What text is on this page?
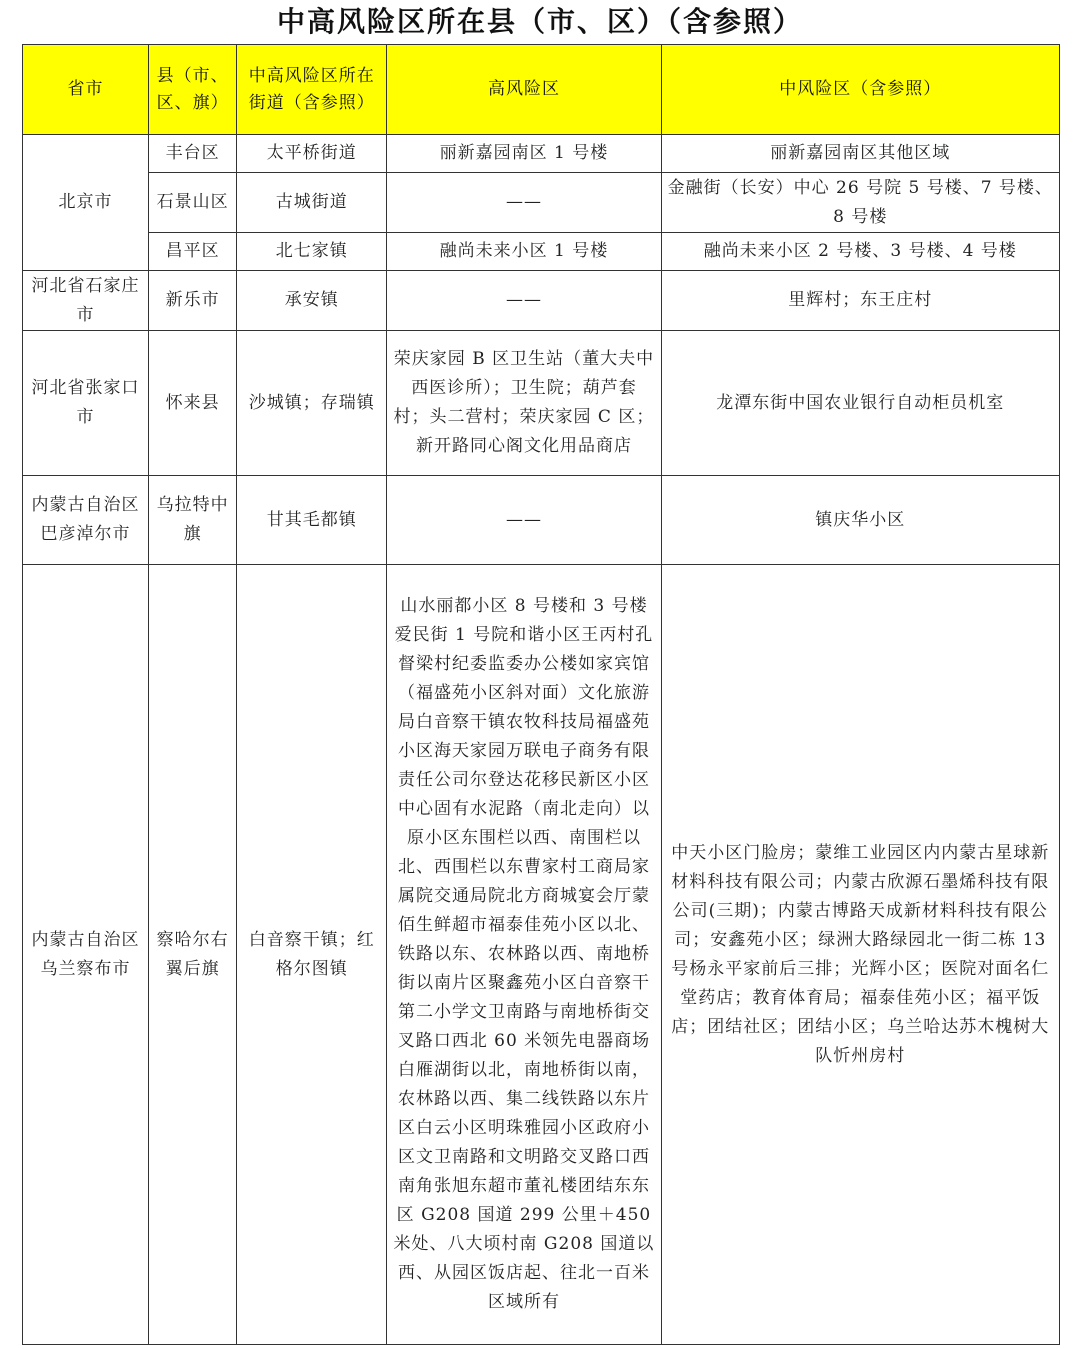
中高风险区所在县（市、区）（含参照）
省市	县（市、区、旗）	中高风险区所在街道（含参照）	高风险区	中风险区（含参照）
北京市	丰台区	太平桥街道	丽新嘉园南区 1 号楼	丽新嘉园南区其他区域
	石景山区	古城街道	——	金融街（长安）中心 26 号院 5 号楼、7 号楼、8 号楼
	昌平区	北七家镇	融尚未来小区 1 号楼	融尚未来小区 2 号楼、3 号楼、4 号楼
河北省石家庄市	新乐市	承安镇	——	里辉村；东王庄村
河北省张家口市	怀来县	沙城镇；存瑞镇	荣庆家园 B 区卫生站（董大夫中西医诊所）；卫生院；葫芦套村；头二营村；荣庆家园 C 区；新开路同心阁文化用品商店	龙潭东街中国农业银行自动柜员机室
内蒙古自治区巴彦淖尔市	乌拉特中旗	甘其毛都镇	——	镇庆华小区
内蒙古自治区乌兰察布市	察哈尔右翼后旗	白音察干镇；红格尔图镇	山水丽都小区 8 号楼和 3 号楼爱民街 1 号院和谐小区王丙村孔督梁村纪委监委办公楼如家宾馆（福盛苑小区斜对面）文化旅游局白音察干镇农牧科技局福盛苑小区海天家园万联电子商务有限责任公司尔登达花移民新区小区中心固有水泥路（南北走向）以原小区东围栏以西、南围栏以北、西围栏以东曹家村工商局家属院交通局院北方商城宴会厅蒙佰生鲜超市福泰佳苑小区以北、铁路以东、农林路以西、南地桥街以南片区聚鑫苑小区白音察干第二小学文卫南路与南地桥街交叉路口西北 60 米领先电器商场白雁湖街以北，南地桥街以南，农林路以西、集二线铁路以东片区白云小区明珠雅园小区政府小区文卫南路和文明路交叉路口西南角张旭东超市董礼楼团结东东区 G208 国道 299 公里＋450 米处、八大顷村南 G208 国道以西、从园区饭店起、往北一百米区域所有	中天小区门脸房；蒙维工业园区内内蒙古星球新材料科技有限公司；内蒙古欣源石墨烯科技有限公司(三期)；内蒙古博路天成新材料科技有限公司；安鑫苑小区；绿洲大路绿园北一街二栋 13 号杨永平家前后三排；光辉小区；医院对面名仁堂药店；教育体育局；福泰佳苑小区；福平饭店；团结社区；团结小区；乌兰哈达苏木槐树大队忻州房村
